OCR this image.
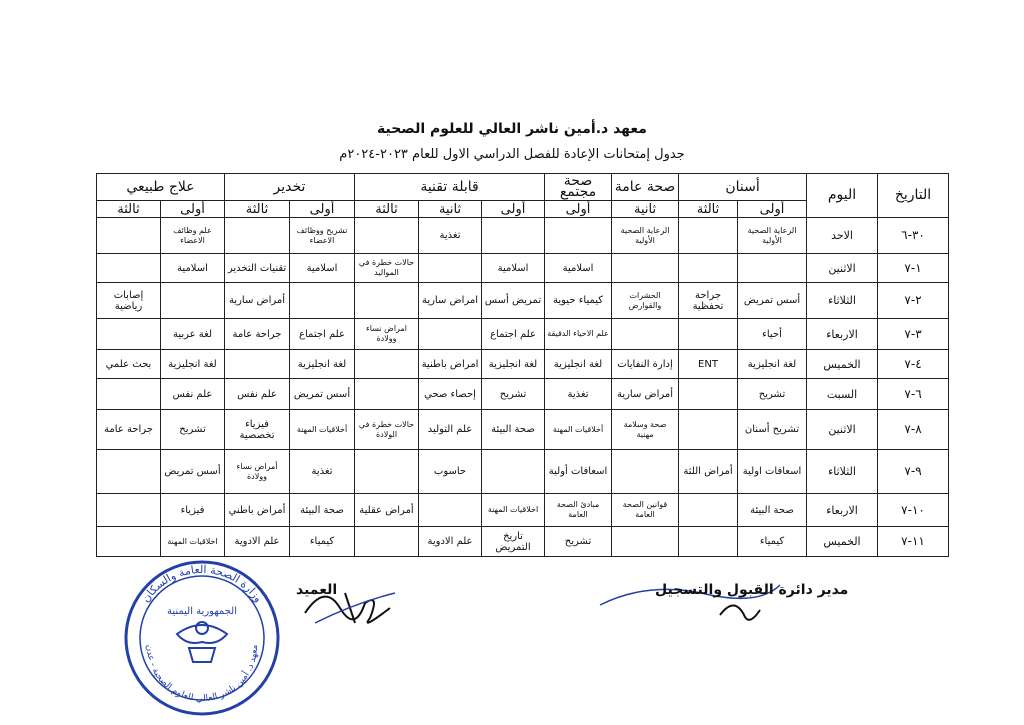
معهد د.أمين ناشر العالي للعلوم الصحية
جدول إمتحانات الإعادة للفصل الدراسي الاول للعام ٢٠٢٣-٢٠٢٤م
التاريخ	اليوم	أسنان		صحة عامة	صحة مجتمع	قابلة تقنية			تخدير		علاج طبيعي	
		أولى	ثالثة	ثانية	أولى	أولى	ثانية	ثالثة	أولى	ثالثة	أولى	ثالثة
٣٠-٦	الاحد	الرعاية الصحية الأولية		الرعاية الصحية الأولية			تغذية		تشريح ووظائف الاعضاء		علم وظائف الاعضاء	
١-٧	الاثنين				اسلامية	اسلامية		حالات خطرة في المواليد	اسلامية	تقنيات التخدير	اسلامية	
٢-٧	الثلاثاء	أسس تمريض	جراحة تحفظية	الحشرات والقوارض	كيمياء حيوية	تمريض أسس	امراض سارية			أمراض سارية		إصابات رياضية
٣-٧	الاربعاء	أحياء			علم الاحياء الدقيقة	علم اجتماع		امراض نساء وولادة	علم اجتماع	جراحة عامة	لغة عربية	
٤-٧	الخميس	لغة انجليزية	ENT	إدارة النفايات	لغة انجليزية	لغة انجليزية	امراض باطنية		لغة انجليزية		لغة انجليزية	بحث علمي
٦-٧	السبت	تشريح		أمراض سارية	تغذية	تشريح	إحصاء صحي		أسس تمريض	علم نفس	علم نفس	
٨-٧	الاثنين	تشريح أسنان		صحة وسلامة مهنية	أخلاقيات المهنة	صحة البيئة	علم التوليد	حالات خطرة في الولادة	أخلاقيات المهنة	فيزياء تخصصية	تشريح	جراحة عامة
٩-٧	الثلاثاء	اسعافات اولية	أمراض اللثة		اسعافات أولية		حاسوب		تغذية	أمراض نساء وولادة	أسس تمريض	
١٠-٧	الاربعاء	صحة البيئة		قوانين الصحة العامة	مبادئ الصحة العامة	اخلاقيات المهنة		أمراض عقلية	صحة البيئة	أمراض باطني	فيزياء	
١١-٧	الخميس	كيمياء			تشريح	تاريخ التمريض	علم الادوية		كيمياء	علم الادوية	اخلاقيات المهنة	
وزارة الصحة العامة والسكان
معهد د. أمين ناشر العالي للعلوم الصحية - عدن
الجمهورية اليمنية
العميد	مدير دائرة القبول والتسجيل
